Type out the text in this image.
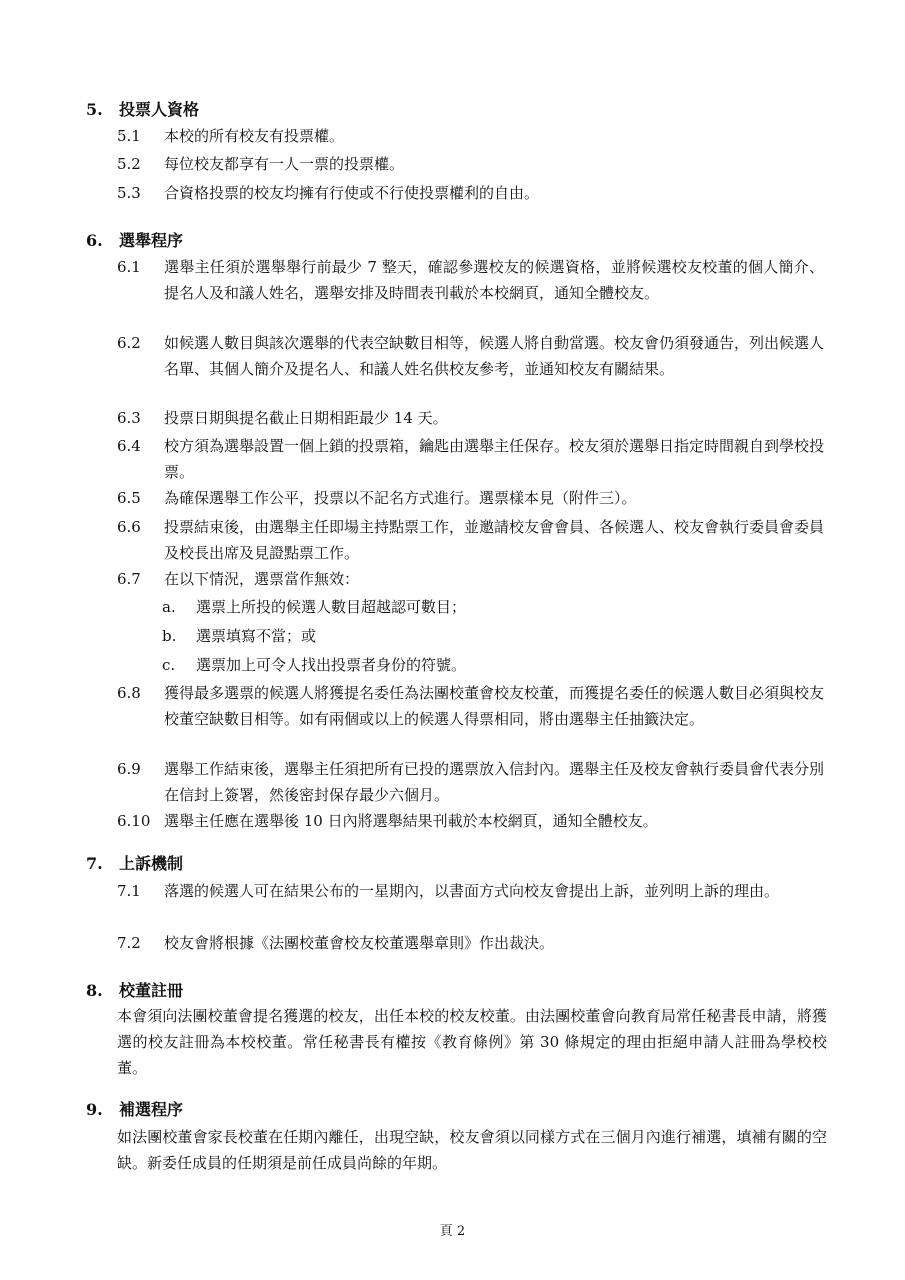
5. 投票人資格
5.1	本校的所有校友有投票權。
5.2	每位校友都享有一人一票的投票權。
5.3	合資格投票的校友均擁有行使或不行使投票權利的自由。
6. 選舉程序
6.1	選舉主任須於選舉舉行前最少 7 整天，確認參選校友的候選資格，並將候選校友校董的個人簡介、提名人及和議人姓名，選舉安排及時間表刊載於本校網頁，通知全體校友。
6.2	如候選人數目與該次選舉的代表空缺數目相等，候選人將自動當選。校友會仍須發通告，列出候選人名單、其個人簡介及提名人、和議人姓名供校友參考，並通知校友有關結果。
6.3	投票日期與提名截止日期相距最少 14 天。
6.4	校方須為選舉設置一個上鎖的投票箱，鑰匙由選舉主任保存。校友須於選舉日指定時間親自到學校投票。
6.5	為確保選舉工作公平，投票以不記名方式進行。選票樣本見（附件三）。
6.6	投票結束後，由選舉主任即場主持點票工作，並邀請校友會會員、各候選人、校友會執行委員會委員及校長出席及見證點票工作。
6.7	在以下情況，選票當作無效：
a.	選票上所投的候選人數目超越認可數目；
b.	選票填寫不當；或
c.	選票加上可令人找出投票者身份的符號。
6.8	獲得最多選票的候選人將獲提名委任為法團校董會校友校董，而獲提名委任的候選人數目必須與校友校董空缺數目相等。如有兩個或以上的候選人得票相同，將由選舉主任抽籤決定。
6.9	選舉工作結束後，選舉主任須把所有已投的選票放入信封內。選舉主任及校友會執行委員會代表分別在信封上簽署，然後密封保存最少六個月。
6.10 選舉主任應在選舉後 10 日內將選舉結果刊載於本校網頁，通知全體校友。
7. 上訴機制
7.1	落選的候選人可在結果公布的一星期內，以書面方式向校友會提出上訴，並列明上訴的理由。
7.2	校友會將根據《法團校董會校友校董選舉章則》作出裁決。
8. 校董註冊
本會須向法團校董會提名獲選的校友，出任本校的校友校董。由法團校董會向教育局常任秘書長申請，將獲選的校友註冊為本校校董。常任秘書長有權按《教育條例》第 30 條規定的理由拒絕申請人註冊為學校校董。
9. 補選程序
如法團校董會家長校董在任期內離任，出現空缺，校友會須以同樣方式在三個月內進行補選，填補有關的空缺。新委任成員的任期須是前任成員尚餘的年期。
頁 2
